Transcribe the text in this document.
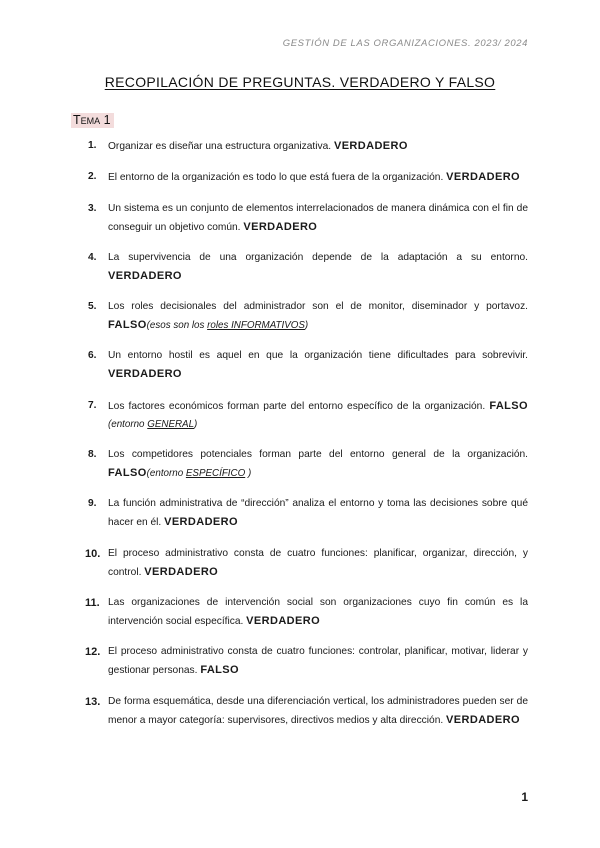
GESTIÓN DE LAS ORGANIZACIONES. 2023/ 2024
RECOPILACIÓN DE PREGUNTAS. VERDADERO Y FALSO
Tema 1
1. Organizar es diseñar una estructura organizativa. VERDADERO
2. El entorno de la organización es todo lo que está fuera de la organización. VERDADERO
3. Un sistema es un conjunto de elementos interrelacionados de manera dinámica con el fin de conseguir un objetivo común. VERDADERO
4. La supervivencia de una organización depende de la adaptación a su entorno. VERDADERO
5. Los roles decisionales del administrador son el de monitor, diseminador y portavoz. FALSO(esos son los roles INFORMATIVOS)
6. Un entorno hostil es aquel en que la organización tiene dificultades para sobrevivir. VERDADERO
7. Los factores económicos forman parte del entorno específico de la organización. FALSO (entorno GENERAL)
8. Los competidores potenciales forman parte del entorno general de la organización. FALSO(entorno ESPECÍFICO )
9. La función administrativa de “dirección” analiza el entorno y toma las decisiones sobre qué hacer en él. VERDADERO
10. El proceso administrativo consta de cuatro funciones: planificar, organizar, dirección, y control. VERDADERO
11. Las organizaciones de intervención social son organizaciones cuyo fin común es la intervención social específica. VERDADERO
12. El proceso administrativo consta de cuatro funciones: controlar, planificar, motivar, liderar y gestionar personas. FALSO
13. De forma esquemática, desde una diferenciación vertical, los administradores pueden ser de menor a mayor categoría: supervisores, directivos medios y alta dirección. VERDADERO
1
